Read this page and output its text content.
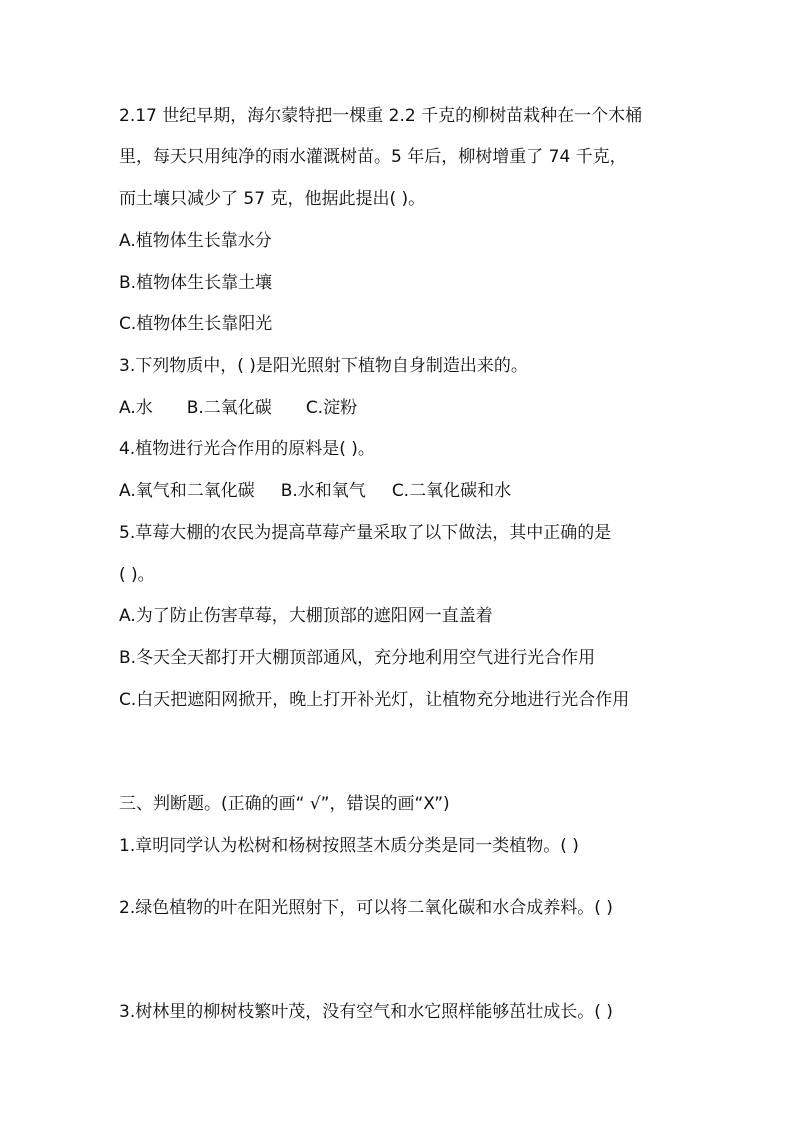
2.17 世纪早期，海尔蒙特把一棵重 2.2 千克的柳树苗栽种在一个木桶
里，每天只用纯净的雨水灌溉树苗。5 年后，柳树增重了 74 千克，
而土壤只减少了 57 克，他据此提出( )。
A.植物体生长靠水分
B.植物体生长靠土壤
C.植物体生长靠阳光
3.下列物质中，( )是阳光照射下植物自身制造出来的。
A.水 B.二氧化碳 C.淀粉
4.植物进行光合作用的原料是( )。
A.氧气和二氧化碳 B.水和氧气 C.二氧化碳和水
5.草莓大棚的农民为提高草莓产量采取了以下做法，其中正确的是
( )。
A.为了防止伤害草莓，大棚顶部的遮阳网一直盖着
B.冬天全天都打开大棚顶部通风，充分地利用空气进行光合作用
C.白天把遮阳网掀开，晚上打开补光灯，让植物充分地进行光合作用
三、判断题。(正确的画“ √”，错误的画“X”)
1.章明同学认为松树和杨树按照茎木质分类是同一类植物。( )
2.绿色植物的叶在阳光照射下，可以将二氧化碳和水合成养料。( )
3.树林里的柳树枝繁叶茂，没有空气和水它照样能够茁壮成长。( )
